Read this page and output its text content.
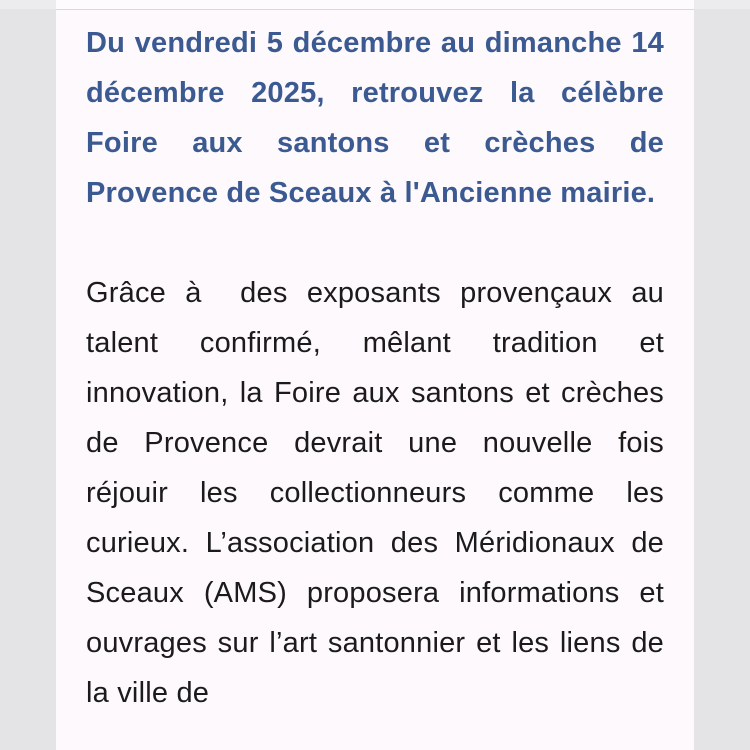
Du vendredi 5 décembre au dimanche 14 décembre 2025, retrouvez la célèbre Foire aux santons et crèches de Provence de Sceaux à l'Ancienne mairie.

Grâce à  des exposants provençaux au talent confirmé, mêlant tradition et innovation, la Foire aux santons et crèches de Provence devrait une nouvelle fois réjouir les collectionneurs comme les curieux. L’association des Méridionaux de Sceaux (AMS) proposera informations et ouvrages sur l’art santonnier et les liens de la ville de
